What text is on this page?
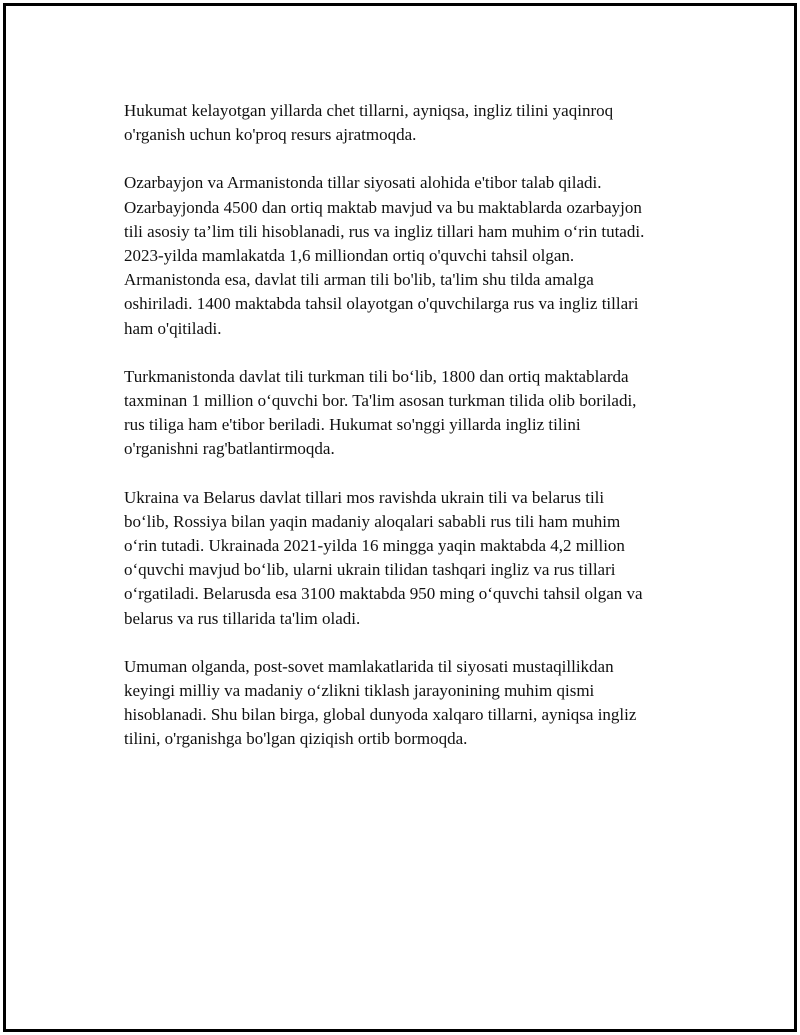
Hukumat kelayotgan yillarda chet tillarni, ayniqsa, ingliz tilini yaqinroq
o'rganish uchun ko'proq resurs ajratmoqda.

Ozarbayjon va Armanistonda tillar siyosati alohida e'tibor talab qiladi.
Ozarbayjonda 4500 dan ortiq maktab mavjud va bu maktablarda ozarbayjon
tili asosiy ta’lim tili hisoblanadi, rus va ingliz tillari ham muhim o‘rin tutadi.
2023-yilda mamlakatda 1,6 milliondan ortiq o'quvchi tahsil olgan.
Armanistonda esa, davlat tili arman tili bo'lib, ta'lim shu tilda amalga
oshiriladi. 1400 maktabda tahsil olayotgan o'quvchilarga rus va ingliz tillari
ham o'qitiladi.

Turkmanistonda davlat tili turkman tili bo‘lib, 1800 dan ortiq maktablarda
taxminan 1 million o‘quvchi bor. Ta'lim asosan turkman tilida olib boriladi,
rus tiliga ham e'tibor beriladi. Hukumat so'nggi yillarda ingliz tilini
o'rganishni rag'batlantirmoqda.

Ukraina va Belarus davlat tillari mos ravishda ukrain tili va belarus tili
bo‘lib, Rossiya bilan yaqin madaniy aloqalari sababli rus tili ham muhim
o‘rin tutadi. Ukrainada 2021-yilda 16 mingga yaqin maktabda 4,2 million
o‘quvchi mavjud bo‘lib, ularni ukrain tilidan tashqari ingliz va rus tillari
o‘rgatiladi. Belarusda esa 3100 maktabda 950 ming o‘quvchi tahsil olgan va
belarus va rus tillarida ta'lim oladi.

Umuman olganda, post-sovet mamlakatlarida til siyosati mustaqillikdan
keyingi milliy va madaniy o‘zlikni tiklash jarayonining muhim qismi
hisoblanadi. Shu bilan birga, global dunyoda xalqaro tillarni, ayniqsa ingliz
tilini, o'rganishga bo'lgan qiziqish ortib bormoqda.
